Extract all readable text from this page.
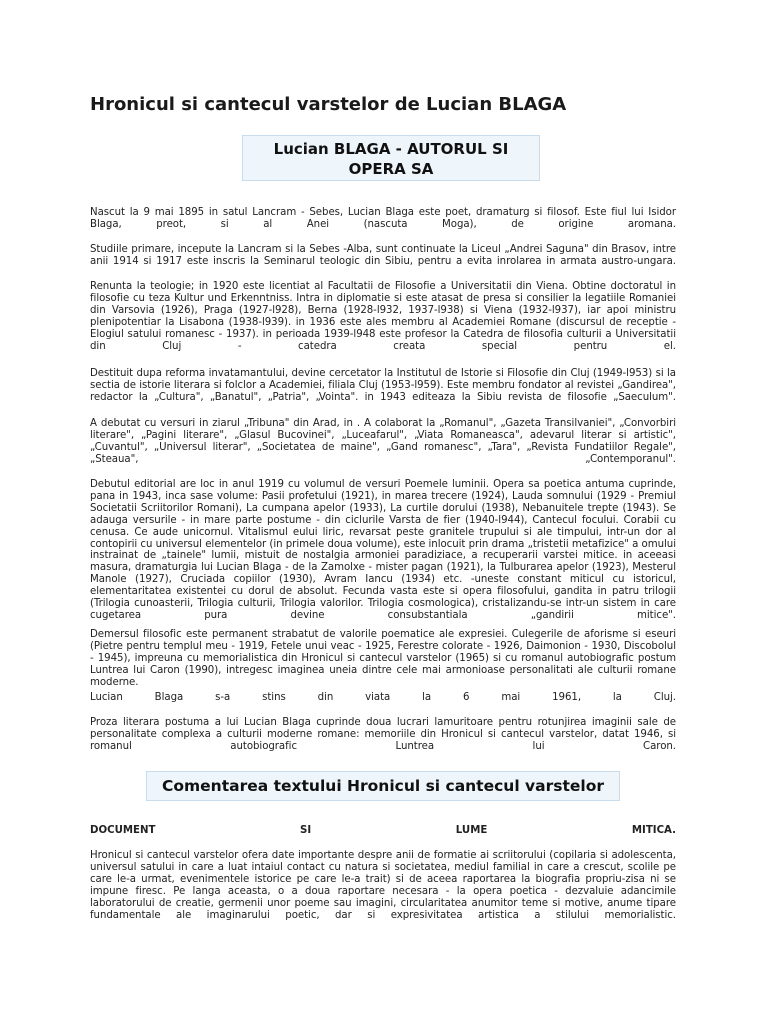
Hronicul si cantecul varstelor de Lucian BLAGA
Lucian BLAGA - AUTORUL SI OPERA SA

Nascut la 9 mai 1895 in satul Lancram - Sebes, Lucian Blaga este poet, dramaturg si filosof. Este fiul lui Isidor Blaga, preot, si al Anei (nascuta Moga), de origine aromana.

Studiile primare, incepute la Lancram si la Sebes -Alba, sunt continuate la Liceul „Andrei Saguna" din Brasov, intre anii 1914 si 1917 este inscris la Seminarul teologic din Sibiu, pentru a evita inrolarea in armata austro-ungara.

Renunta la teologie; in 1920 este licentiat al Facultatii de Filosofie a Universitatii din Viena. Obtine doctoratul in filosofie cu teza Kultur und Erkenntniss. Intra in diplomatie si este atasat de presa si consilier la legatiile Romaniei din Varsovia (1926), Praga (1927-l928), Berna (1928-l932, 1937-l938) si Viena (1932-l937), iar apoi ministru plenipotentiar la Lisabona (1938-l939). in 1936 este ales membru al Academiei Romane (discursul de receptie - Elogiul satului romanesc - 1937). in perioada 1939-l948 este profesor la Catedra de filosofia culturii a Universitatii din Cluj - catedra creata special pentru el.

Destituit dupa reforma invatamantului, devine cercetator la Institutul de Istorie si Filosofie din Cluj (1949-l953) si la sectia de istorie literara si folclor a Academiei, filiala Cluj (1953-l959). Este membru fondator al revistei „Gandirea", redactor la „Cultura", „Banatul", „Patria", „Vointa". in 1943 editeaza la Sibiu revista de filosofie „Saeculum".

A debutat cu versuri in ziarul „Tribuna" din Arad, in . A colaborat la „Romanul", „Gazeta Transilvaniei", „Convorbiri literare", „Pagini literare", „Glasul Bucovinei", „Luceafarul", „Viata Romaneasca", adevarul literar si artistic", „Cuvantul", „Universul literar", „Societatea de maine", „Gand romanesc", „Tara", „Revista Fundatiilor Regale", „Steaua", „Contemporanul".

Debutul editorial are loc in anul 1919 cu volumul de versuri Poemele luminii. Opera sa poetica antuma cuprinde, pana in 1943, inca sase volume: Pasii profetului (1921), in marea trecere (1924), Lauda somnului (1929 - Premiul Societatii Scriitorilor Romani), La cumpana apelor (1933), La curtile dorului (1938), Nebanuitele trepte (1943). Se adauga versurile - in mare parte postume - din ciclurile Varsta de fier (1940-l944), Cantecul focului. Corabii cu cenusa. Ce aude unicornul. Vitalismul eului liric, revarsat peste granitele trupului si ale timpului, intr-un dor al contopirii cu universul elementelor (in primele doua volume), este inlocuit prin drama „tristetii metafizice" a omului instrainat de „tainele" lumii, mistuit de nostalgia armoniei paradiziace, a recuperarii varstei mitice. in aceeasi masura, dramaturgia lui Lucian Blaga - de la Zamolxe - mister pagan (1921), la Tulburarea apelor (1923), Mesterul Manole (1927), Cruciada copiilor (1930), Avram Iancu (1934) etc. -uneste constant miticul cu istoricul, elementaritatea existentei cu dorul de absolut. Fecunda vasta este si opera filosofului, gandita in patru trilogii (Trilogia cunoasterii, Trilogia culturii, Trilogia valorilor. Trilogia cosmologica), cristalizandu-se intr-un sistem in care cugetarea pura devine consubstantiala „gandirii mitice".

Demersul filosofic este permanent strabatut de valorile poematice ale expresiei. Culegerile de aforisme si eseuri (Pietre pentru templul meu - 1919, Fetele unui veac - 1925, Ferestre colorate - 1926, Daimonion - 1930, Discobolul - 1945), impreuna cu memorialistica din Hronicul si cantecul varstelor (1965) si cu romanul autobiografic postum Luntrea lui Caron (1990), intregesc imaginea uneia dintre cele mai armonioase personalitati ale culturii romane moderne.

Lucian Blaga s-a stins din viata la 6 mai 1961, la Cluj.

Proza literara postuma a lui Lucian Blaga cuprinde doua lucrari lamuritoare pentru rotunjirea imaginii sale de personalitate complexa a culturii moderne romane: memoriile din Hronicul si cantecul varstelor, datat 1946, si romanul autobiografic Luntrea lui Caron.

Comentarea textului Hronicul si cantecul varstelor

DOCUMENT SI LUME MITICA.

Hronicul si cantecul varstelor ofera date importante despre anii de formatie ai scriitorului (copilaria si adolescenta, universul satului in care a luat intaiul contact cu natura si societatea, mediul familial in care a crescut, scolile pe care le-a urmat, evenimentele istorice pe care le-a trait) si de aceea raportarea la biografia propriu-zisa ni se impune firesc. Pe langa aceasta, o a doua raportare necesara - la opera poetica - dezvaluie adancimile laboratorului de creatie, germenii unor poeme sau imagini, circularitatea anumitor teme si motive, anume tipare fundamentale ale imaginarului poetic, dar si expresivitatea artistica a stilului memorialistic.
